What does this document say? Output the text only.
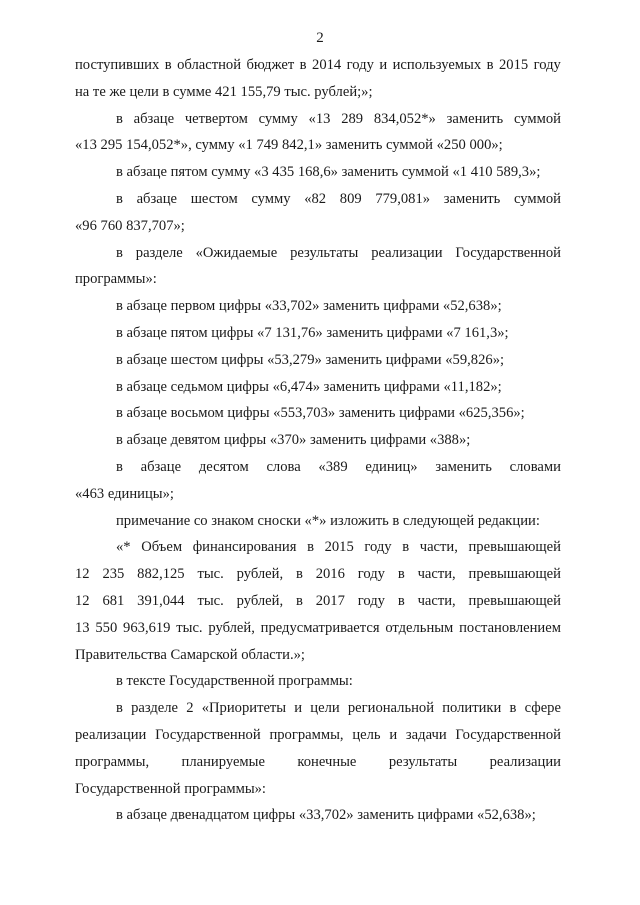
2

поступивших в областной бюджет в 2014 году и используемых в 2015 году
на те же цели в сумме 421 155,79 тыс. рублей;»;

в абзаце четвертом сумму «13 289 834,052*» заменить суммой
«13 295 154,052*», сумму «1 749 842,1» заменить суммой «250 000»;

в абзаце пятом сумму «3 435 168,6» заменить суммой «1 410 589,3»;

в абзаце шестом сумму «82 809 779,081» заменить суммой
«96 760 837,707»;

в разделе «Ожидаемые результаты реализации Государственной
программы»:

в абзаце первом цифры «33,702» заменить цифрами «52,638»;

в абзаце пятом цифры «7 131,76» заменить цифрами «7 161,3»;

в абзаце шестом цифры «53,279» заменить цифрами «59,826»;

в абзаце седьмом цифры «6,474» заменить цифрами «11,182»;

в абзаце восьмом цифры «553,703» заменить цифрами «625,356»;

в абзаце девятом цифры «370» заменить цифрами «388»;

в абзаце десятом слова «389 единиц» заменить словами
«463 единицы»;

примечание со знаком сноски «*» изложить в следующей редакции:

«* Объем финансирования в 2015 году в части, превышающей
12 235 882,125 тыс. рублей, в 2016 году в части, превышающей
12 681 391,044 тыс. рублей, в 2017 году в части, превышающей
13 550 963,619 тыс. рублей, предусматривается отдельным постановлением
Правительства Самарской области.»;

в тексте Государственной программы:

в разделе 2 «Приоритеты и цели региональной политики в сфере
реализации Государственной программы, цель и задачи Государственной
программы, планируемые конечные результаты реализации
Государственной программы»:

в абзаце двенадцатом цифры «33,702» заменить цифрами «52,638»;
